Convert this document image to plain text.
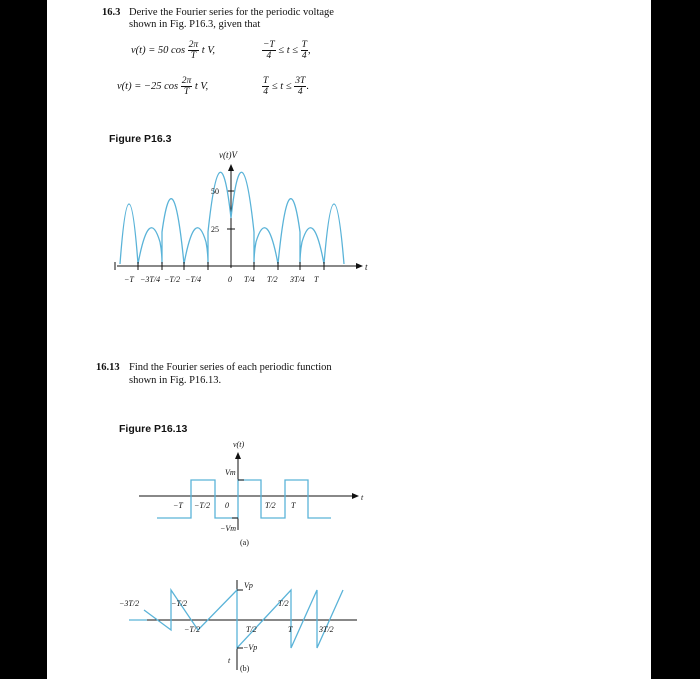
16.3 Derive the Fourier series for the periodic voltage
shown in Fig. P16.3, given that
v(t) = 50 $\cos \frac{2\pi}{T}$ t V,	$\frac{-T}{4} \le t \le \frac{T}{4}$ ,
v(t) = −25 $\cos \frac{2\pi}{T}$ t V,	$\frac{T}{4} \le t \le \frac{3T}{4}$ .
Figure P16.3
v(t)V
50
25
t
−T −3T/4 −T/2 −T/4	0 T/4 T/2 3T/4 T
16.13 Find the Fourier series of each periodic function
shown in Fig. P16.13.
Figure P16.13
v(t)
Vm
−Vm
t
−T −T/2 0	T/2 T
(a)
Vp
−Vp
t
−3T/2	−T/2	T/2
−T/2	T/2	T	3T/2
(b)
